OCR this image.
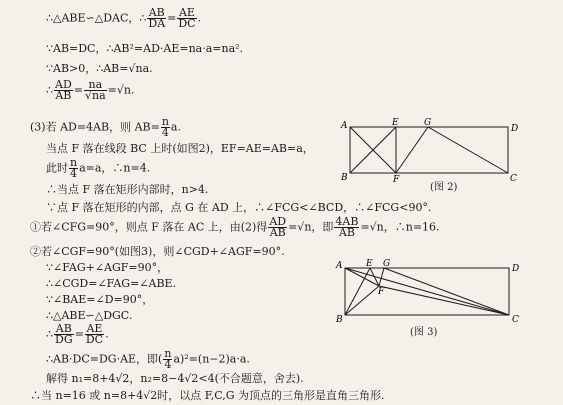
∴△ABE∽△DAC，∴ $\frac{AB}{DA} = \frac{AE}{DC}$ .
∵AB=DC，∴AB²=AD·AE=na·a=na².
∵AB>0，∴AB=√na.
∴ $\frac{AD}{AB} = \frac{na}{√na} =√n$.
(3)若 AD=4AB，则 $AB= \frac{n}{4} a$.
当点 F 落在线段 BC 上时(如图2)，EF=AE=AB=a，
此时 $\frac{n}{4} a=a$，∴n=4.
∴当点 F 落在矩形内部时，n>4.
∵点 F 落在矩形的内部，点 G 在 AD 上，∴∠FCG<∠BCD，∴∠FCG<90°.
①若∠CFG=90°，则点 F 落在 AC 上，由(2)得 $\frac{AD}{AB} =√n$，即 $\frac{4AB}{AB} =√n$，∴n=16.
②若∠CGF=90°(如图3)，则∠CGD+∠AGF=90°.
∵∠FAG+∠AGF=90°，
∴∠CGD=∠FAG=∠ABE.
∵∠BAE=∠D=90°，
∴△ABE∽△DGC.
∴ $\frac{AB}{DG} = \frac{AE}{DC}$ .
∴AB·DC=DG·AE，即( $\frac{n}{4} a)^2=(n-2)a\cdot a$.
解得 n₁=8+4√2，n₂=8−4√2<4(不合题意，舍去).
∴当 n=16 或 n=8+4√2时，以点 F,C,G 为顶点的三角形是直角三角形.
A	E	G
D
B	F	C
(图 2)
A	E G	D
F
B	C
(图 3)
